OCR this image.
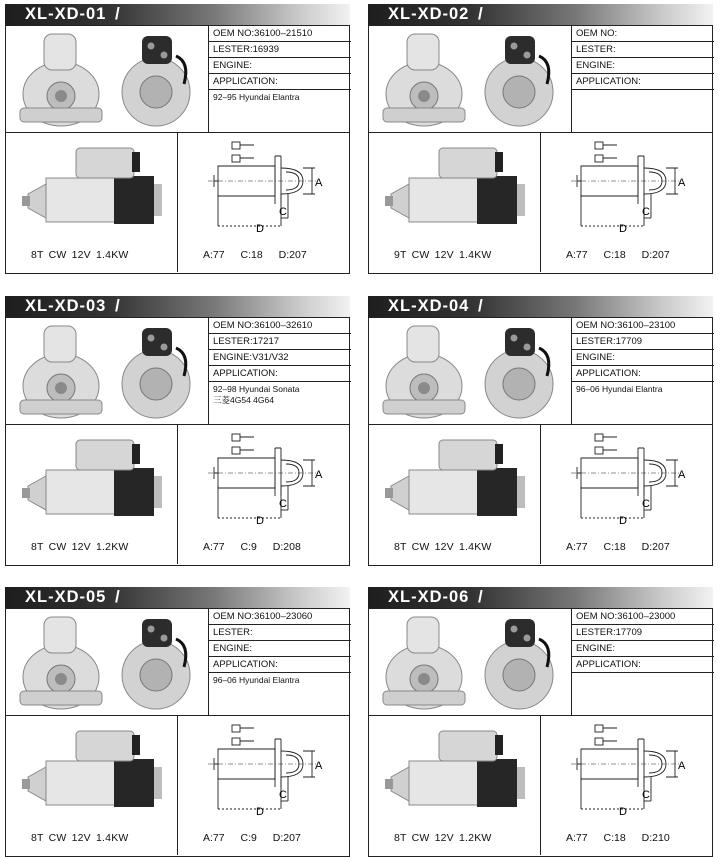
XL-XD-01 /
OEM NO:36100–21510
LESTER:16939
ENGINE:
APPLICATION:
92–95 Hyundai Elantra
A
C
D
8T CW 12V 1.4KW	A:77 C:18 D:207
XL-XD-02 /
OEM NO:
LESTER:
ENGINE:
APPLICATION:
A
C
D
9T CW 12V 1.4KW	A:77 C:18 D:207
XL-XD-03 /
OEM NO:36100–32610
LESTER:17217
ENGINE:V31/V32
APPLICATION:
92–98 Hyundai Sonata
三菱4G54 4G64
A
C
D
8T CW 12V 1.2KW	A:77 C:9 D:208
XL-XD-04 /
OEM NO:36100–23100
LESTER:17709
ENGINE:
APPLICATION:
96–06 Hyundai Elantra
A
C
D
8T CW 12V 1.4KW	A:77 C:18 D:207
XL-XD-05 /
OEM NO:36100–23060
LESTER:
ENGINE:
APPLICATION:
96–06 Hyundai Elantra
A
C
D
8T CW 12V 1.4KW	A:77 C:9 D:207
XL-XD-06 /
OEM NO:36100–23000
LESTER:17709
ENGINE:
APPLICATION:
A
C
D
8T CW 12V 1.2KW	A:77 C:18 D:210
